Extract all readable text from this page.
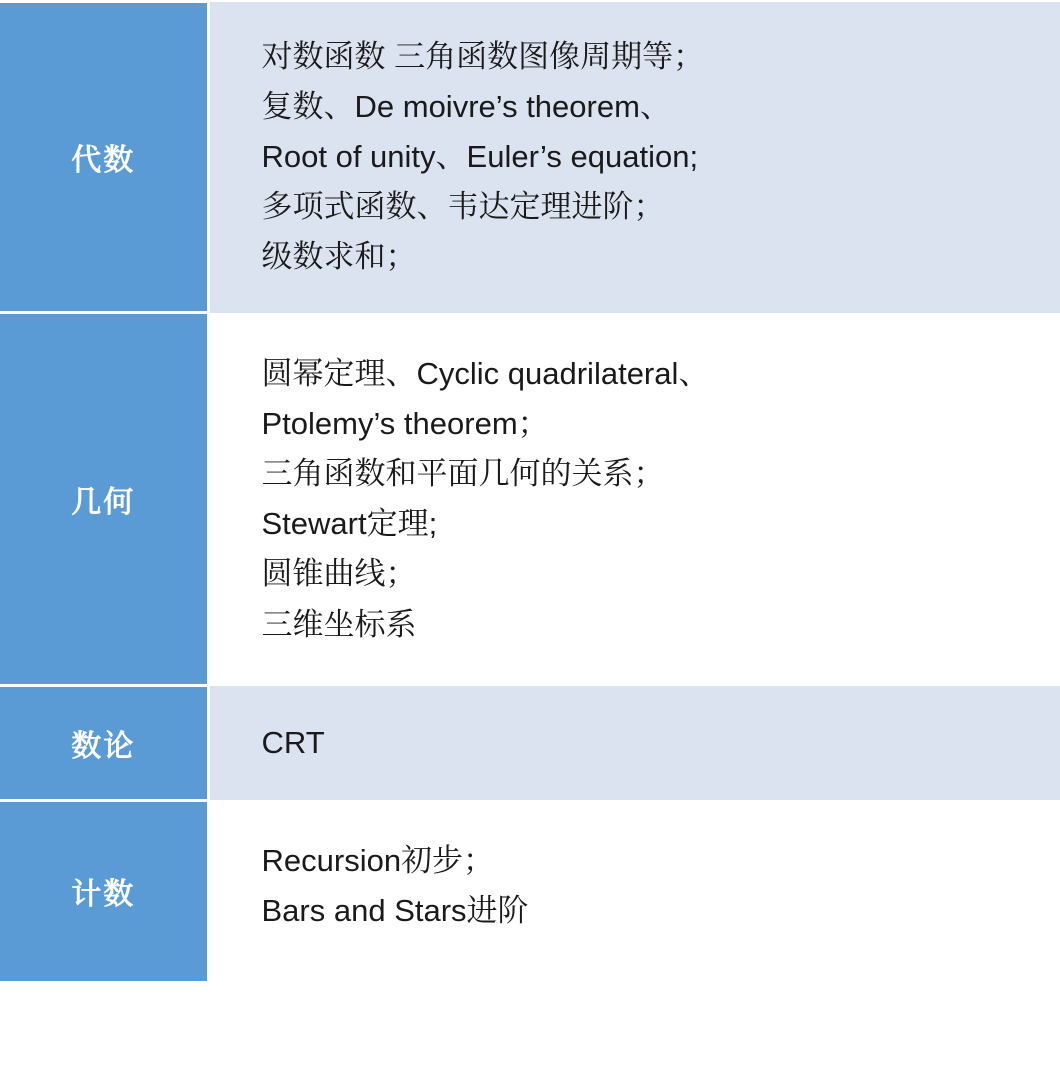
代数	对数函数 三角函数图像周期等；
复数、De moivre’s theorem、
Root of unity、Euler’s equation;
多项式函数、韦达定理进阶；
级数求和；

几何	
圆幂定理、Cyclic quadrilateral、
Ptolemy’s theorem；
三角函数和平面几何的关系；
Stewart定理;
圆锥曲线；
三维坐标系

数论	CRT

计数	Recursion初步；
Bars and Stars进阶
